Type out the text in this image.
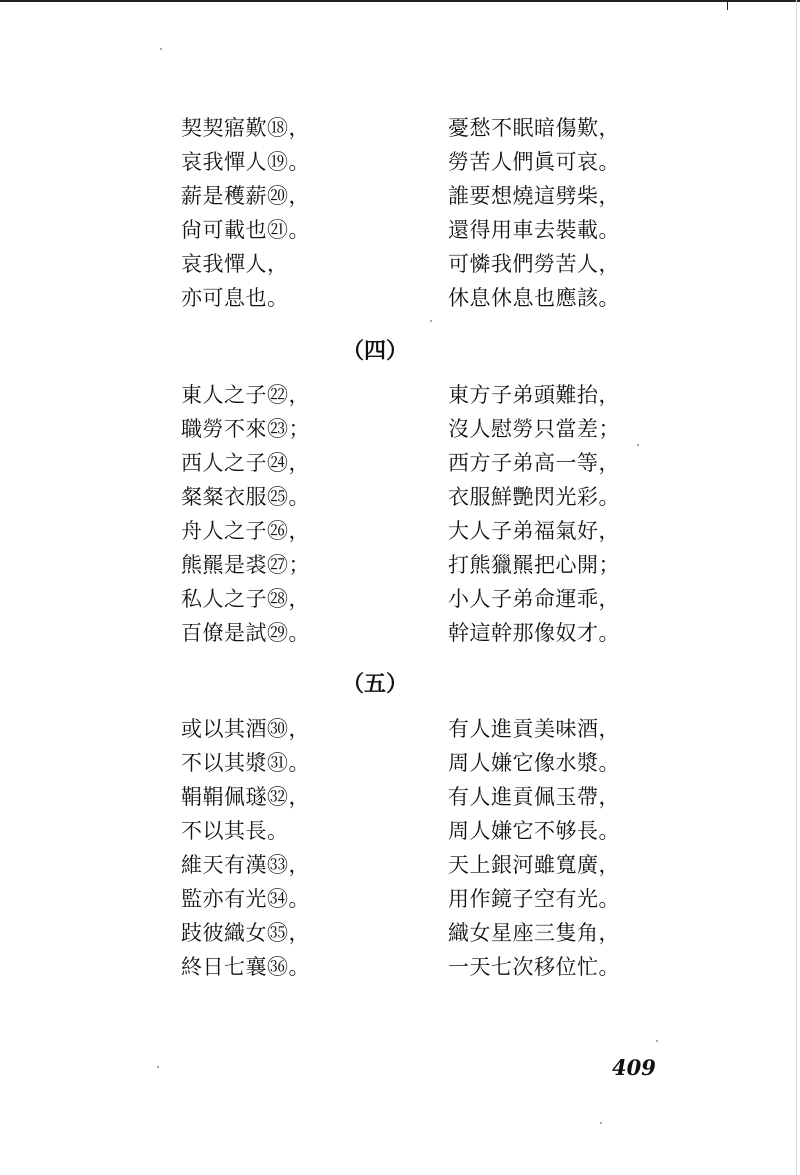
契契寤歎⑱，	憂愁不眠暗傷歎，
哀我憚人⑲。	勞苦人們眞可哀。
薪是穫薪⑳，	誰要想燒這劈柴，
尙可載也㉑。	還得用車去裝載。
哀我憚人，	可憐我們勞苦人，
亦可息也。	休息休息也應該。
（四）
東人之子㉒，	東方子弟頭難抬，
職勞不來㉓；	沒人慰勞只當差；
西人之子㉔，	西方子弟高一等，
粲粲衣服㉕。	衣服鮮艷閃光彩。
舟人之子㉖，	大人子弟福氣好，
熊羆是裘㉗；	打熊獵羆把心開；
私人之子㉘，	小人子弟命運乖，
百僚是試㉙。	幹這幹那像奴才。
（五）
或以其酒㉚，	有人進貢美味酒，
不以其漿㉛。	周人嫌它像水漿。
鞙鞙佩璲㉜，	有人進貢佩玉帶，
不以其長。	周人嫌它不够長。
維天有漢㉝，	天上銀河雖寬廣，
監亦有光㉞。	用作鏡子空有光。
跂彼織女㉟，	織女星座三隻角，
終日七襄㊱。	一天七次移位忙。
409
